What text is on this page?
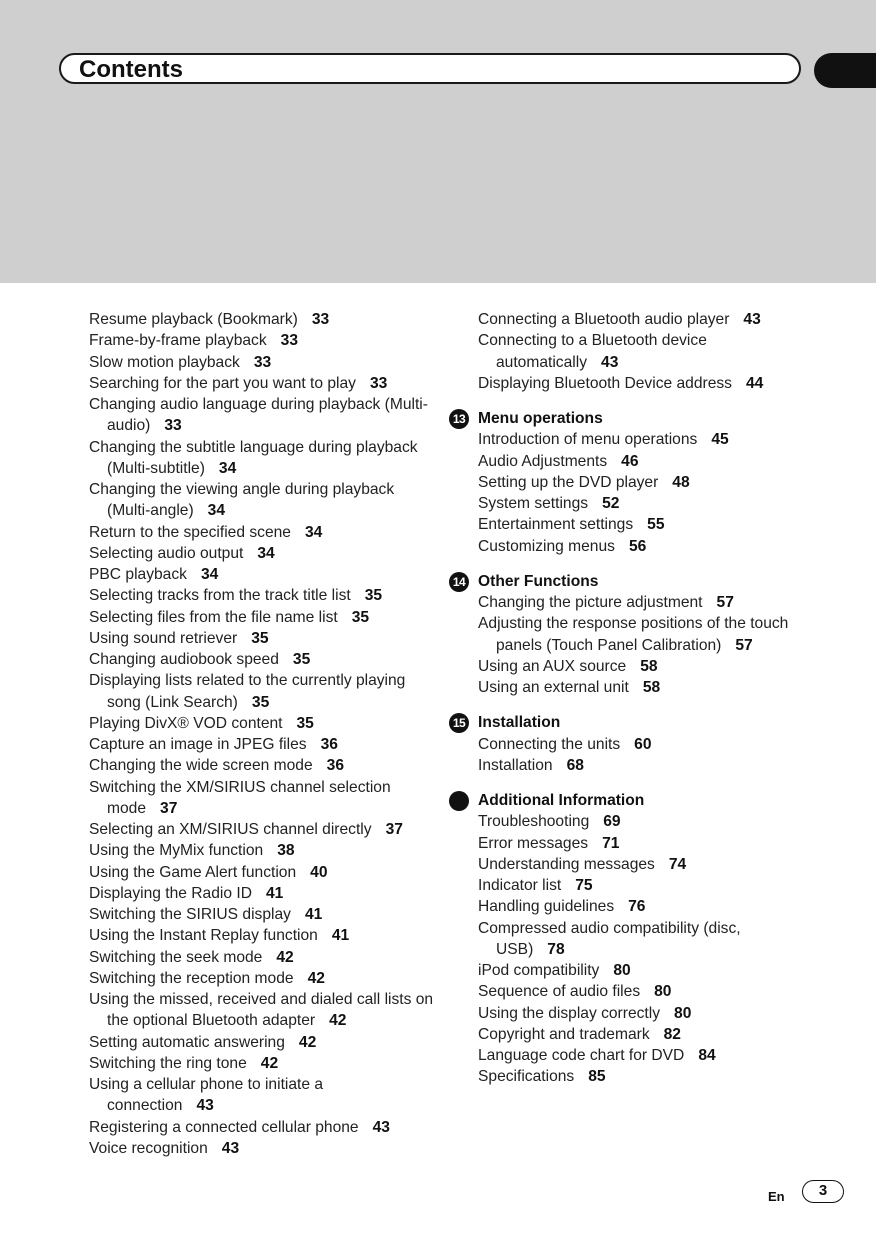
Contents
Resume playback (Bookmark) 33
Frame-by-frame playback 33
Slow motion playback 33
Searching for the part you want to play 33
Changing audio language during playback (Multi-audio) 33
Changing the subtitle language during playback (Multi-subtitle) 34
Changing the viewing angle during playback (Multi-angle) 34
Return to the specified scene 34
Selecting audio output 34
PBC playback 34
Selecting tracks from the track title list 35
Selecting files from the file name list 35
Using sound retriever 35
Changing audiobook speed 35
Displaying lists related to the currently playing song (Link Search) 35
Playing DivX® VOD content 35
Capture an image in JPEG files 36
Changing the wide screen mode 36
Switching the XM/SIRIUS channel selection mode 37
Selecting an XM/SIRIUS channel directly 37
Using the MyMix function 38
Using the Game Alert function 40
Displaying the Radio ID 41
Switching the SIRIUS display 41
Using the Instant Replay function 41
Switching the seek mode 42
Switching the reception mode 42
Using the missed, received and dialed call lists on the optional Bluetooth adapter 42
Setting automatic answering 42
Switching the ring tone 42
Using a cellular phone to initiate a connection 43
Registering a connected cellular phone 43
Voice recognition 43
Connecting a Bluetooth audio player 43
Connecting to a Bluetooth device automatically 43
Displaying Bluetooth Device address 44
13 Menu operations
Introduction of menu operations 45
Audio Adjustments 46
Setting up the DVD player 48
System settings 52
Entertainment settings 55
Customizing menus 56
14 Other Functions
Changing the picture adjustment 57
Adjusting the response positions of the touch panels (Touch Panel Calibration) 57
Using an AUX source 58
Using an external unit 58
15 Installation
Connecting the units 60
Installation 68
Additional Information
Troubleshooting 69
Error messages 71
Understanding messages 74
Indicator list 75
Handling guidelines 76
Compressed audio compatibility (disc, USB) 78
iPod compatibility 80
Sequence of audio files 80
Using the display correctly 80
Copyright and trademark 82
Language code chart for DVD 84
Specifications 85
En	3
